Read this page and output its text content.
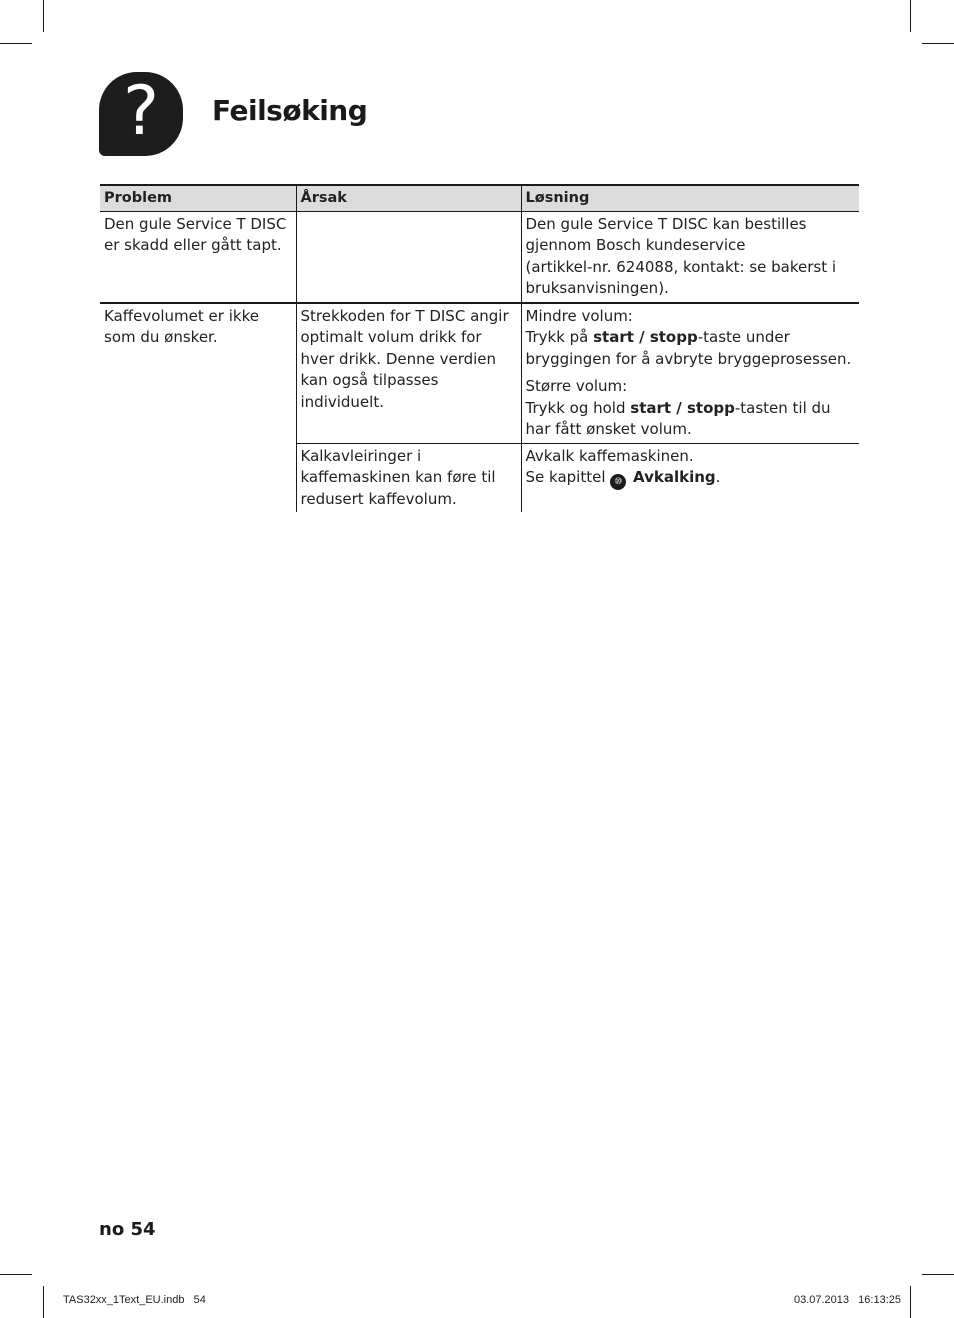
? Feilsøking
Problem	Årsak	Løsning
Den gule Service T DISC er skadd eller gått tapt.		Den gule Service T DISC kan bestilles
gjennom Bosch kundeservice
(artikkel-nr. 624088, kontakt: se bakerst i
bruksanvisningen).

Kaffevolumet er ikke som du ønsker.	Strekkoden for T DISC angir optimalt volum drikk for hver drikk. Denne verdien kan også tilpasses individuelt.	Mindre volum:
Trykk på start / stopp-taste under bryggingen for å avbryte bryggeprosessen.

Større volum:
Trykk og hold start / stopp-tasten til du har fått ønsket volum.

	Kalkavleiringer i kaffemaskinen kan føre til redusert kaffevolum.	Avkalk kaffemaskinen.
Se kapittel ⑩ Avkalking.
no 54
TAS32xx_1Text_EU.indb   54	03.07.2013   16:13:25
